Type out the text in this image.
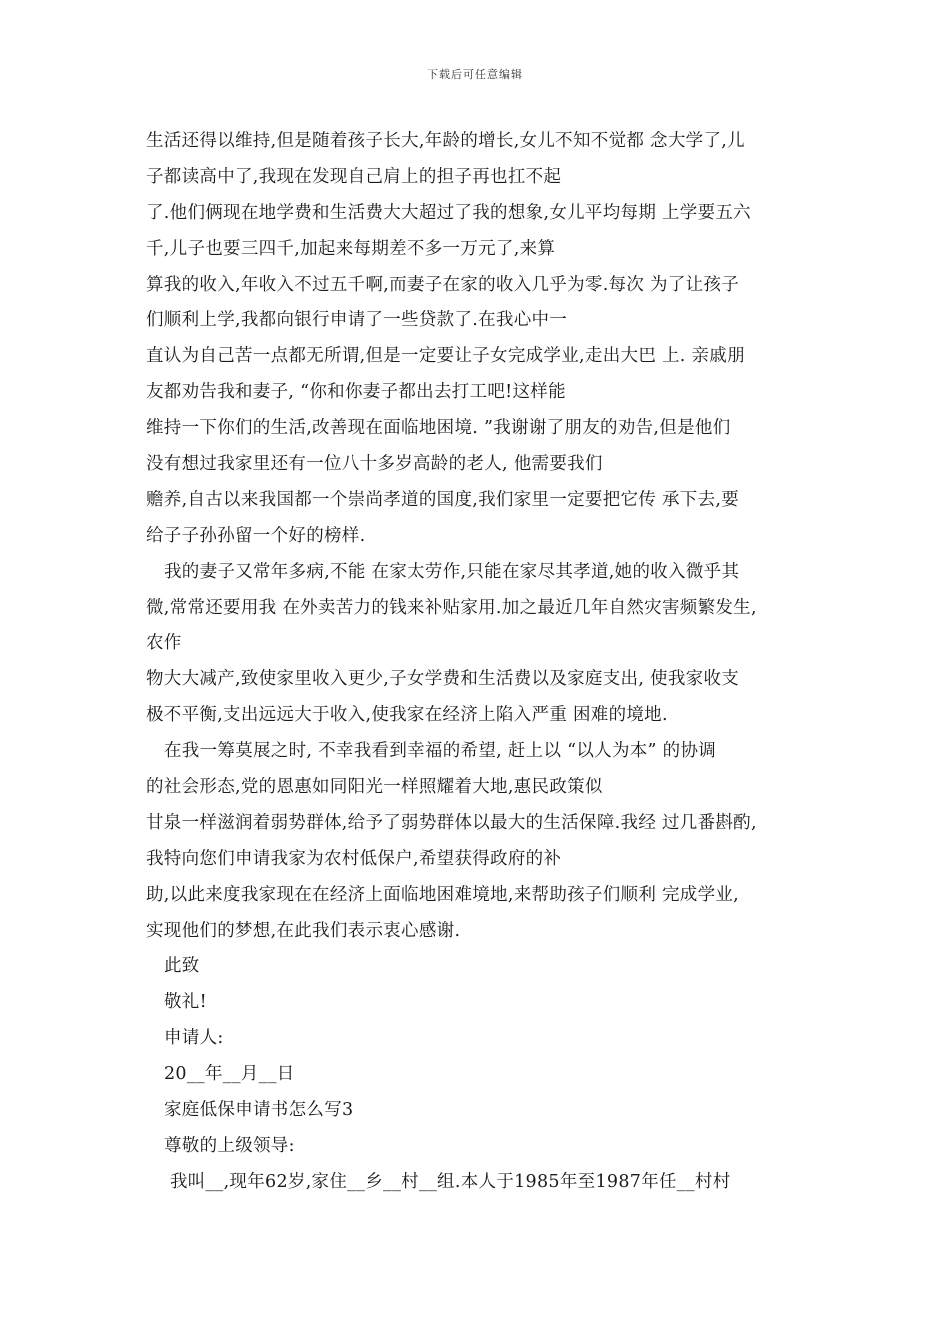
下载后可任意编辑
生活还得以维持,但是随着孩子长大,年龄的增长,女儿不知不觉都 念大学了,儿
子都读高中了,我现在发现自己肩上的担子再也扛不起
了.他们俩现在地学费和生活费大大超过了我的想象,女儿平均每期 上学要五六
千,儿子也要三四千,加起来每期差不多一万元了,来算
算我的收入,年收入不过五千啊,而妻子在家的收入几乎为零.每次 为了让孩子
们顺利上学,我都向银行申请了一些贷款了.在我心中一
直认为自己苦一点都无所谓,但是一定要让子女完成学业,走出大巴 上. 亲戚朋
友都劝告我和妻子, “你和你妻子都出去打工吧!这样能
维持一下你们的生活,改善现在面临地困境. ”我谢谢了朋友的劝告,但是他们
没有想过我家里还有一位八十多岁高龄的老人, 他需要我们
赡养,自古以来我国都一个崇尚孝道的国度,我们家里一定要把它传 承下去,要
给子子孙孙留一个好的榜样.
我的妻子又常年多病,不能 在家太劳作,只能在家尽其孝道,她的收入微乎其
微,常常还要用我 在外卖苦力的钱来补贴家用.加之最近几年自然灾害频繁发生,
农作
物大大减产,致使家里收入更少,子女学费和生活费以及家庭支出, 使我家收支
极不平衡,支出远远大于收入,使我家在经济上陷入严重 困难的境地.
在我一筹莫展之时, 不幸我看到幸福的希望, 赶上以 “以人为本” 的协调
的社会形态,党的恩惠如同阳光一样照耀着大地,惠民政策似
甘泉一样滋润着弱势群体,给予了弱势群体以最大的生活保障.我经 过几番斟酌,
我特向您们申请我家为农村低保户,希望获得政府的补
助,以此来度我家现在在经济上面临地困难境地,来帮助孩子们顺利 完成学业,
实现他们的梦想,在此我们表示衷心感谢.
此致
敬礼!
申请人:
20__年__月__日
家庭低保申请书怎么写3
尊敬的上级领导:
我叫__,现年62岁,家住__乡__村__组.本人于1985年至1987年任__村村
